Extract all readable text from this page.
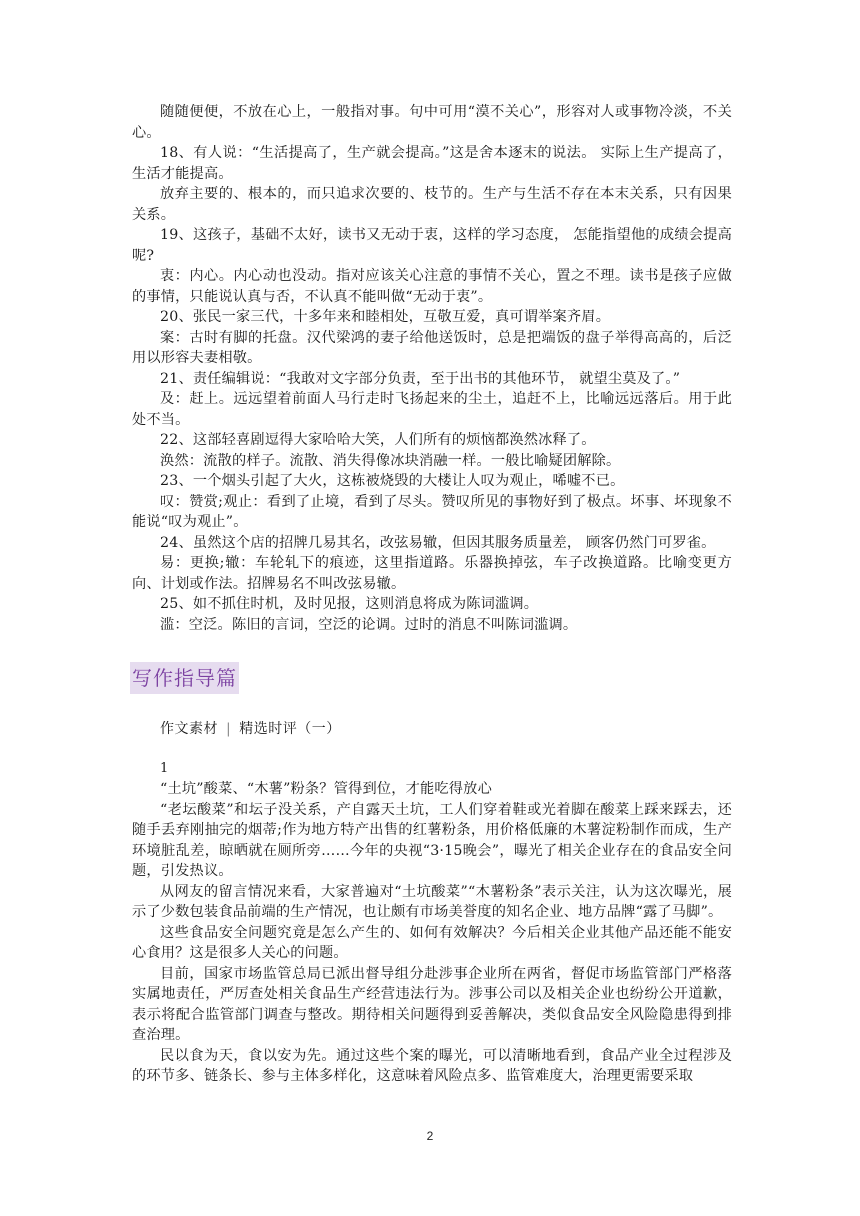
随随便便，不放在心上，一般指对事。句中可用“漠不关心”，形容对人或事物冷淡，不关心。

18、有人说：“生活提高了，生产就会提高。”这是舍本逐末的说法。 实际上生产提高了，生活才能提高。

放弃主要的、根本的，而只追求次要的、枝节的。生产与生活不存在本末关系，只有因果关系。

19、这孩子，基础不太好，读书又无动于衷，这样的学习态度， 怎能指望他的成绩会提高呢?

衷：内心。内心动也没动。指对应该关心注意的事情不关心，置之不理。读书是孩子应做的事情，只能说认真与否，不认真不能叫做“无动于衷”。

20、张民一家三代，十多年来和睦相处，互敬互爱，真可谓举案齐眉。

案：古时有脚的托盘。汉代梁鸿的妻子给他送饭时，总是把端饭的盘子举得高高的，后泛用以形容夫妻相敬。

21、责任编辑说：“我敢对文字部分负责，至于出书的其他环节， 就望尘莫及了。”

及：赶上。远远望着前面人马行走时飞扬起来的尘土，追赶不上，比喻远远落后。用于此处不当。

22、这部轻喜剧逗得大家哈哈大笑，人们所有的烦恼都涣然冰释了。

涣然：流散的样子。流散、消失得像冰块消融一样。一般比喻疑团解除。

23、一个烟头引起了大火，这栋被烧毁的大楼让人叹为观止，唏嘘不已。

叹：赞赏;观止：看到了止境，看到了尽头。赞叹所见的事物好到了极点。坏事、坏现象不能说“叹为观止”。

24、虽然这个店的招牌几易其名，改弦易辙，但因其服务质量差， 顾客仍然门可罗雀。

易：更换;辙：车轮轧下的痕迹，这里指道路。乐器换掉弦，车子改换道路。比喻变更方向、计划或作法。招牌易名不叫改弦易辙。

25、如不抓住时机，及时见报，这则消息将成为陈词滥调。

滥：空泛。陈旧的言词，空泛的论调。过时的消息不叫陈词滥调。

写作指导篇
作文素材 | 精选时评（一）

1

“土坑”酸菜、“木薯”粉条？管得到位，才能吃得放心

“老坛酸菜”和坛子没关系，产自露天土坑，工人们穿着鞋或光着脚在酸菜上踩来踩去，还随手丢弃刚抽完的烟蒂;作为地方特产出售的红薯粉条，用价格低廉的木薯淀粉制作而成，生产环境脏乱差，晾晒就在厕所旁……今年的央视“3·15晚会”，曝光了相关企业存在的食品安全问题，引发热议。

从网友的留言情况来看，大家普遍对“土坑酸菜”“木薯粉条”表示关注，认为这次曝光，展示了少数包装食品前端的生产情况，也让颇有市场美誉度的知名企业、地方品牌“露了马脚”。

这些食品安全问题究竟是怎么产生的、如何有效解决？今后相关企业其他产品还能不能安心食用？这是很多人关心的问题。

目前，国家市场监管总局已派出督导组分赴涉事企业所在两省，督促市场监管部门严格落实属地责任，严厉查处相关食品生产经营违法行为。涉事公司以及相关企业也纷纷公开道歉，表示将配合监管部门调查与整改。期待相关问题得到妥善解决，类似食品安全风险隐患得到排查治理。

民以食为天，食以安为先。通过这些个案的曝光，可以清晰地看到，食品产业全过程涉及的环节多、链条长、参与主体多样化，这意味着风险点多、监管难度大，治理更需要采取

2
